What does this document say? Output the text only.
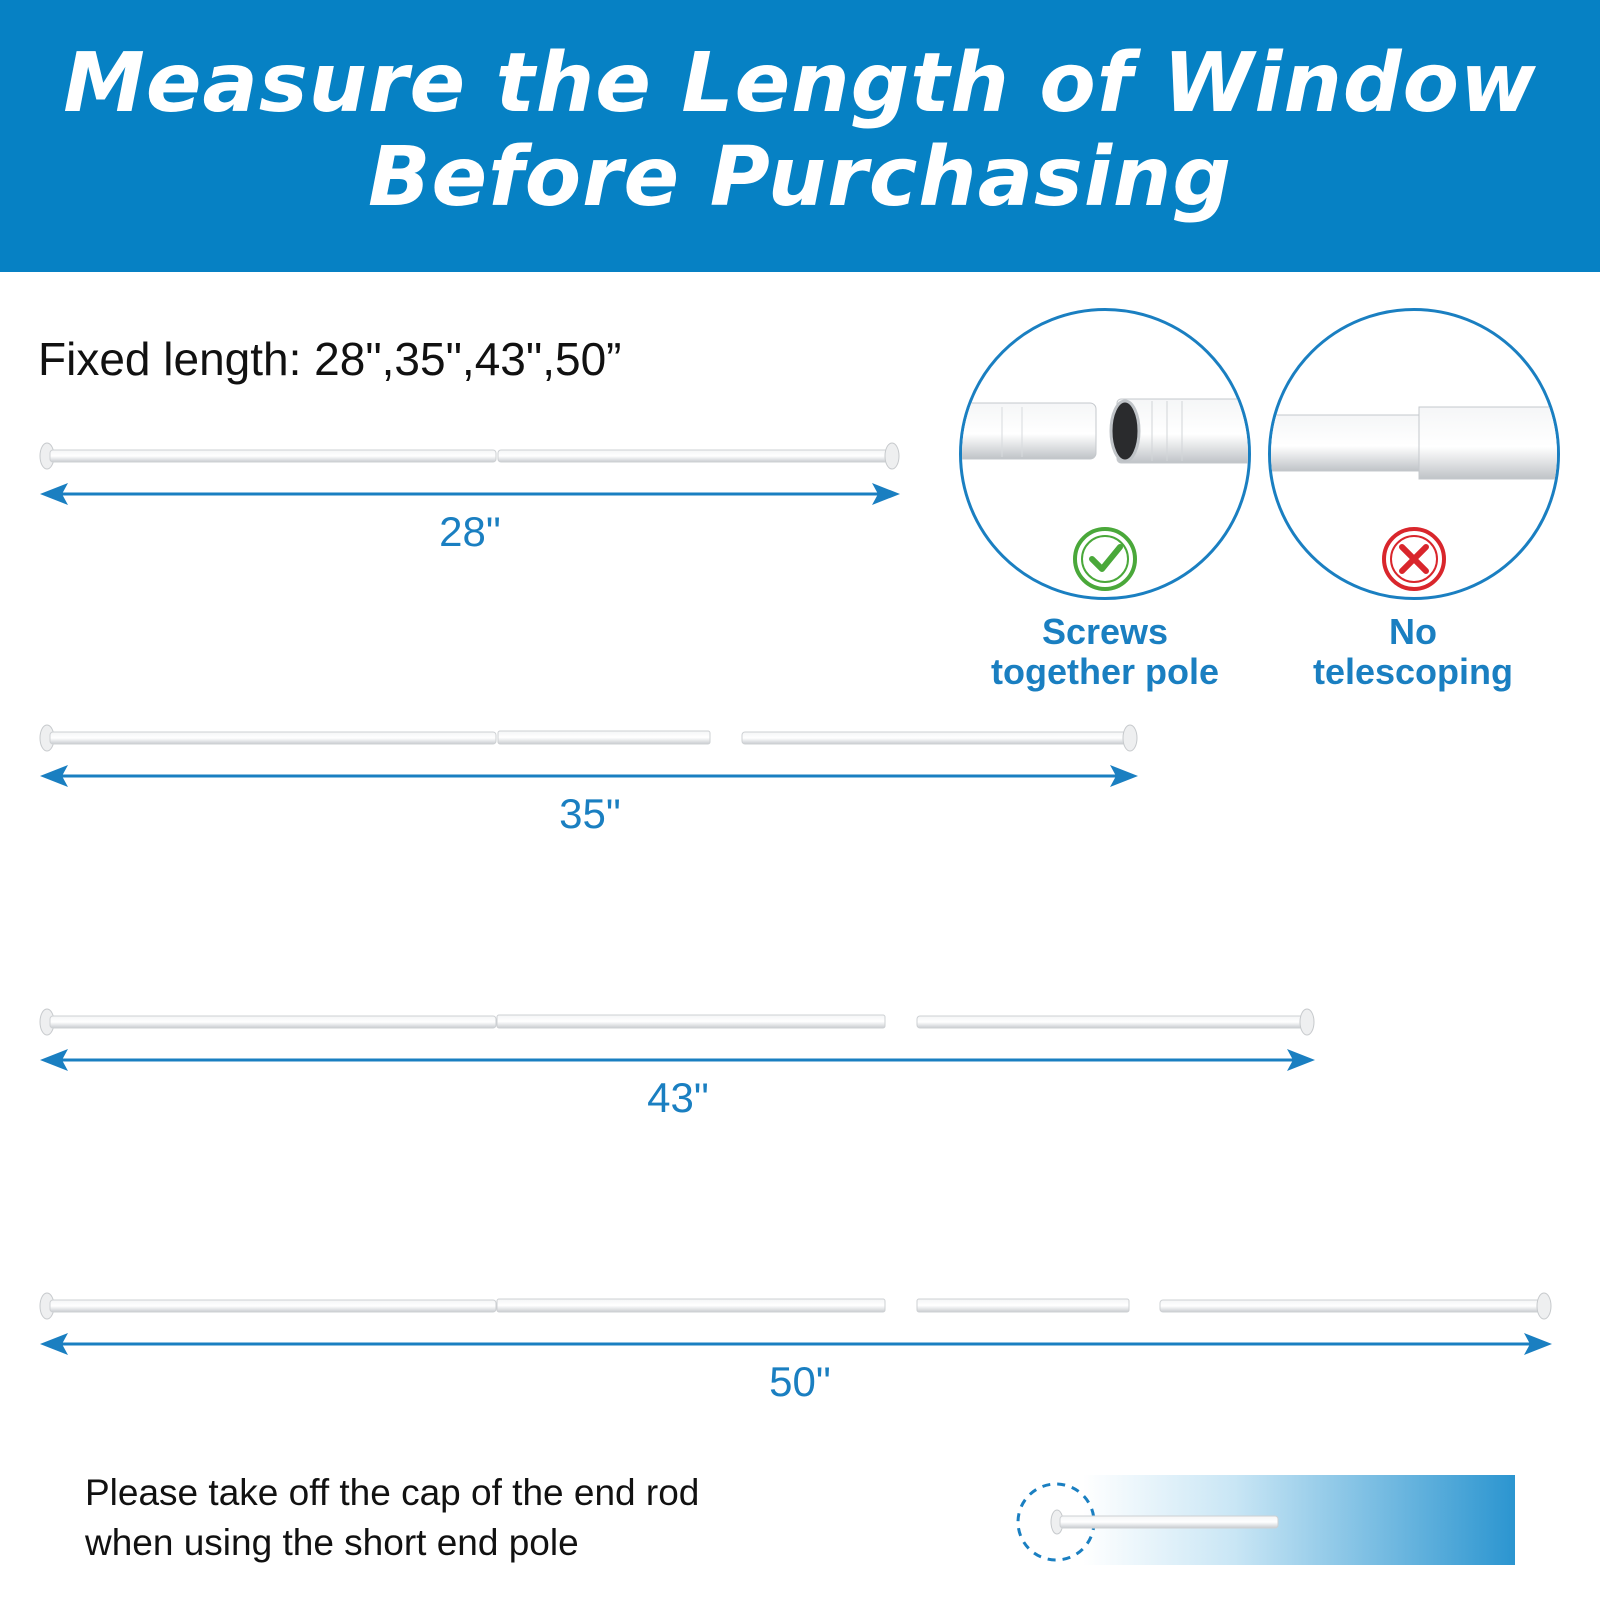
Measure the Length of Window
Before Purchasing
Fixed length: 28",35",43",50”
28"
35"
43"
50"
Screws
together pole
No
telescoping
Please take off the cap of the end rod
when using the short end pole
